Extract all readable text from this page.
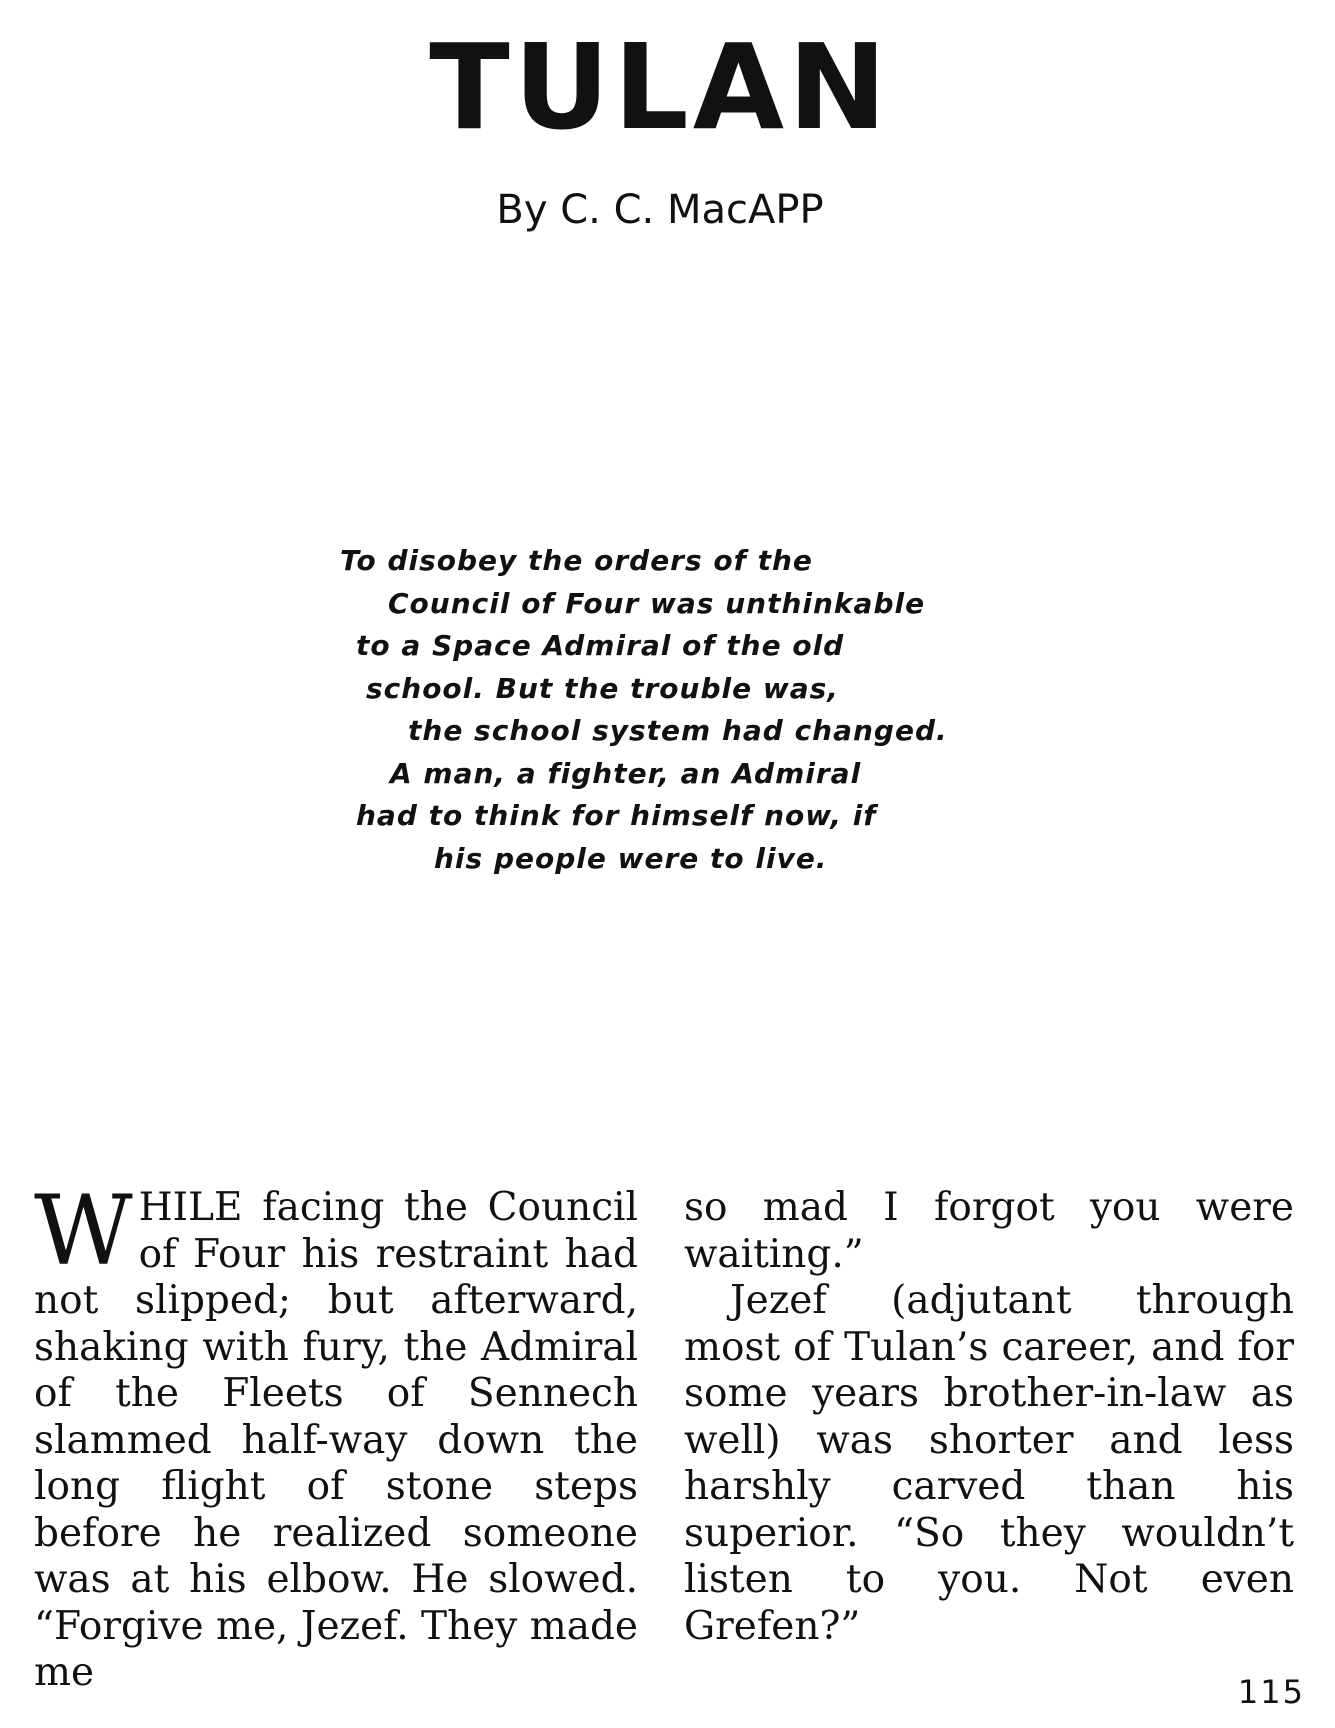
TULAN
By C. C. MacAPP
To disobey the orders of the
Council of Four was unthinkable
to a Space Admiral of the old
school. But the trouble was,
the school system had changed.
A man, a fighter, an Admiral
had to think for himself now, if
his people were to live.
W HILE facing the Council of Four his restraint had not slipped; but afterward, shaking with fury, the Admiral of the Fleets of Sennech slammed half-way down the long flight of stone steps before he realized someone was at his elbow. He slowed. “Forgive me, Jezef. They made me

so mad I forgot you were waiting.”

Jezef (adjutant through most of Tulan’s career, and for some years brother-in-law as well) was shorter and less harshly carved than his superior. “So they wouldn’t listen to you. Not even Grefen?”

115
